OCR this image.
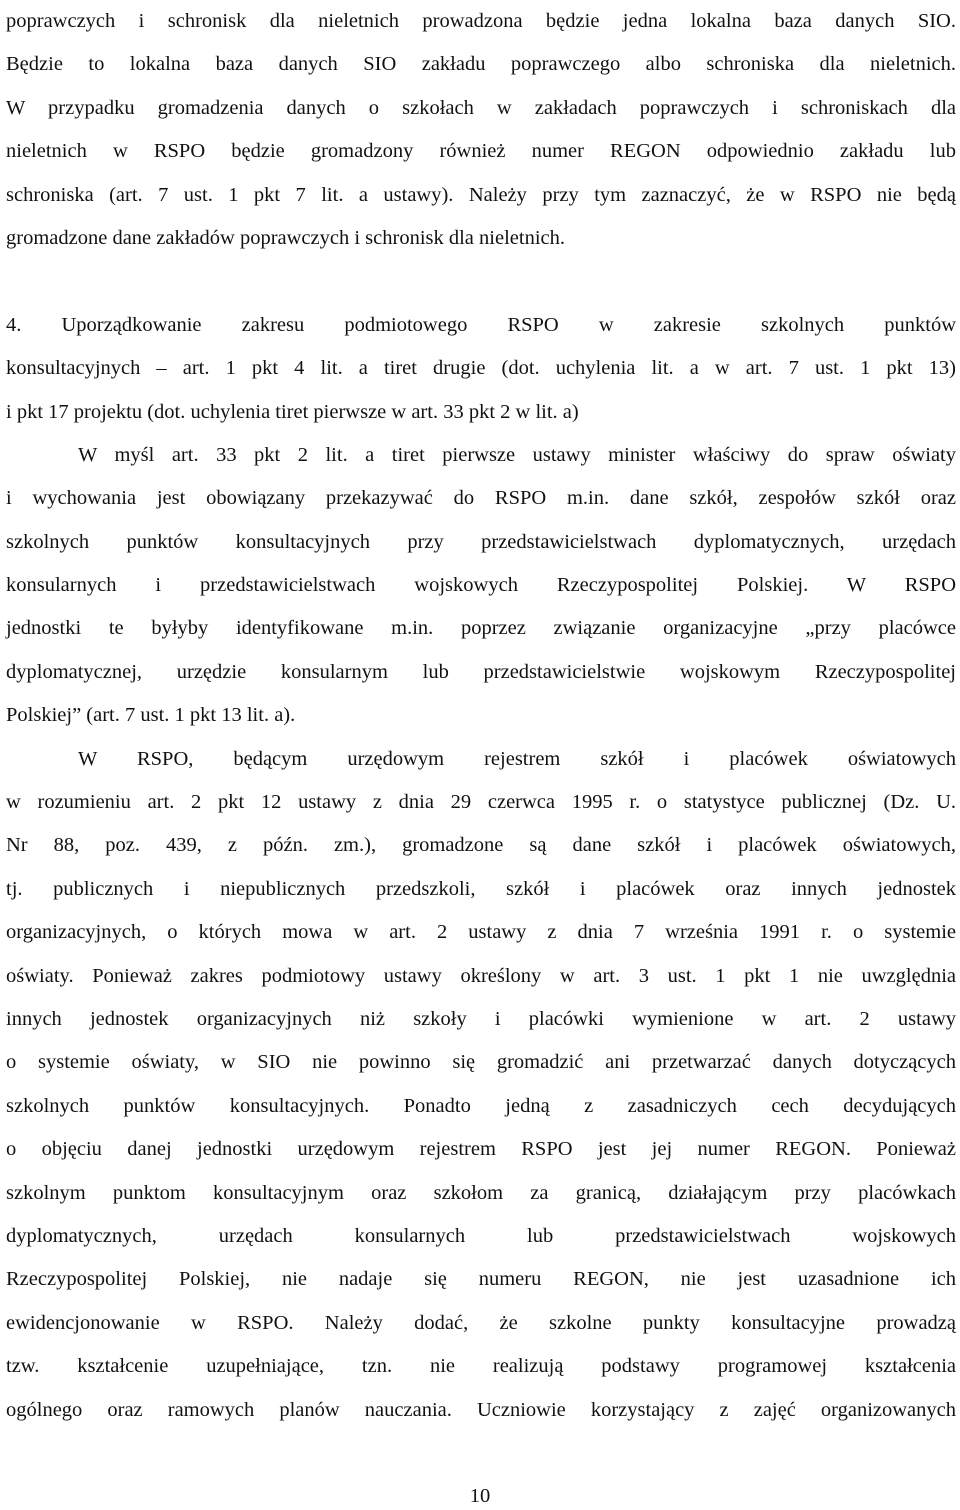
poprawczych i schronisk dla nieletnich prowadzona będzie jedna lokalna baza danych SIO.
Będzie to lokalna baza danych SIO zakładu poprawczego albo schroniska dla nieletnich.
W przypadku gromadzenia danych o szkołach w zakładach poprawczych i schroniskach dla
nieletnich w RSPO będzie gromadzony również numer REGON odpowiednio zakładu lub
schroniska (art. 7 ust. 1 pkt 7 lit. a ustawy). Należy przy tym zaznaczyć, że w RSPO nie będą
gromadzone dane zakładów poprawczych i schronisk dla nieletnich.
4. Uporządkowanie zakresu podmiotowego RSPO w zakresie szkolnych punktów
konsultacyjnych – art. 1 pkt 4 lit. a tiret drugie (dot. uchylenia lit. a w art. 7 ust. 1 pkt 13)
i pkt 17 projektu (dot. uchylenia tiret pierwsze w art. 33 pkt 2 w lit. a)
W myśl art. 33 pkt 2 lit. a tiret pierwsze ustawy minister właściwy do spraw oświaty
i wychowania jest obowiązany przekazywać do RSPO m.in. dane szkół, zespołów szkół oraz
szkolnych punktów konsultacyjnych przy przedstawicielstwach dyplomatycznych, urzędach
konsularnych i przedstawicielstwach wojskowych Rzeczypospolitej Polskiej. W RSPO
jednostki te byłyby identyfikowane m.in. poprzez związanie organizacyjne „przy placówce
dyplomatycznej, urzędzie konsularnym lub przedstawicielstwie wojskowym Rzeczypospolitej
Polskiej” (art. 7 ust. 1 pkt 13 lit. a).
W RSPO, będącym urzędowym rejestrem szkół i placówek oświatowych
w rozumieniu art. 2 pkt 12 ustawy z dnia 29 czerwca 1995 r. o statystyce publicznej (Dz. U.
Nr 88, poz. 439, z późn. zm.), gromadzone są dane szkół i placówek oświatowych,
tj. publicznych i niepublicznych przedszkoli, szkół i placówek oraz innych jednostek
organizacyjnych, o których mowa w art. 2 ustawy z dnia 7 września 1991 r. o systemie
oświaty. Ponieważ zakres podmiotowy ustawy określony w art. 3 ust. 1 pkt 1 nie uwzględnia
innych jednostek organizacyjnych niż szkoły i placówki wymienione w art. 2 ustawy
o systemie oświaty, w SIO nie powinno się gromadzić ani przetwarzać danych dotyczących
szkolnych punktów konsultacyjnych. Ponadto jedną z zasadniczych cech decydujących
o objęciu danej jednostki urzędowym rejestrem RSPO jest jej numer REGON. Ponieważ
szkolnym punktom konsultacyjnym oraz szkołom za granicą, działającym przy placówkach
dyplomatycznych, urzędach konsularnych lub przedstawicielstwach wojskowych
Rzeczypospolitej Polskiej, nie nadaje się numeru REGON, nie jest uzasadnione ich
ewidencjonowanie w RSPO. Należy dodać, że szkolne punkty konsultacyjne prowadzą
tzw. kształcenie uzupełniające, tzn. nie realizują podstawy programowej kształcenia
ogólnego oraz ramowych planów nauczania. Uczniowie korzystający z zajęć organizowanych
10
